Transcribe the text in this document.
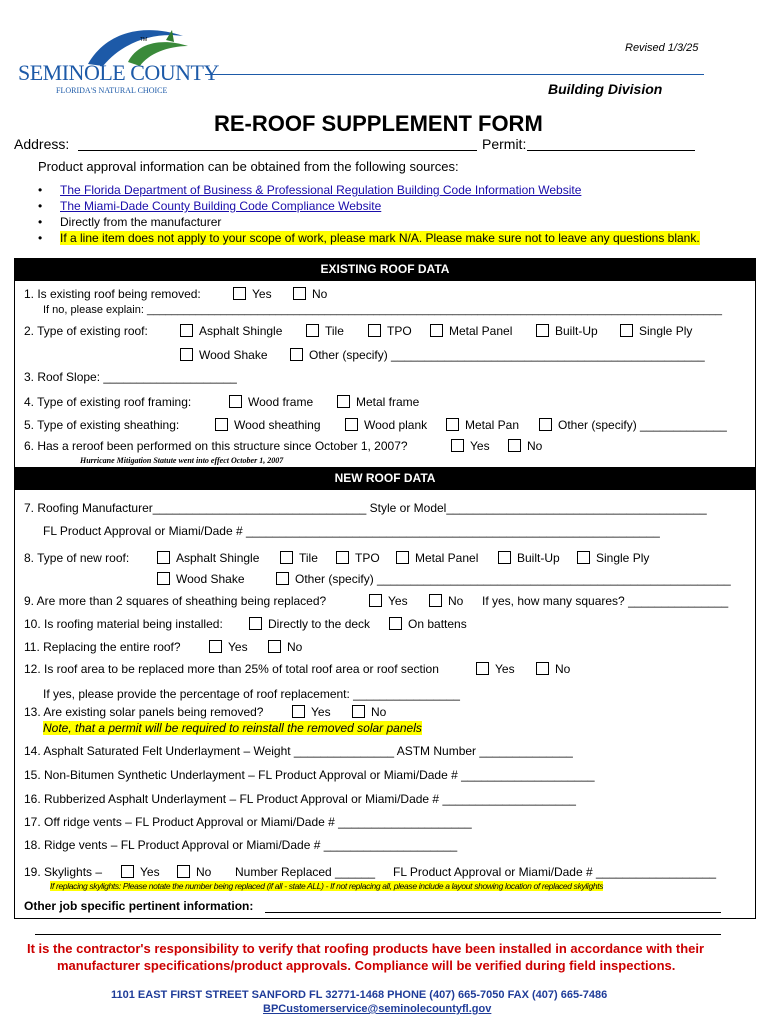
TM
SEMINOLE COUNTY
FLORIDA'S NATURAL CHOICE
Revised 1/3/25
Building Division
RE-ROOF SUPPLEMENT FORM
Address:	Permit:
Product approval information can be obtained from the following sources:
• The Florida Department of Business & Professional Regulation Building Code Information Website
• The Miami-Dade County Building Code Compliance Website
• Directly from the manufacturer
• If a line item does not apply to your scope of work, please mark N/A. Please make sure not to leave any questions blank.
EXISTING ROOF DATA
1. Is existing roof being removed:	Yes	No
If no, please explain: ______________________________________________________________________________________________
2. Type of existing roof:	Asphalt Shingle	Tile	TPO	Metal Panel	Built-Up	Single Ply
Wood Shake	Other (specify) _______________________________________________
3. Roof Slope: ____________________
4. Type of existing roof framing:	Wood frame	Metal frame
5. Type of existing sheathing:	Wood sheathing	Wood plank	Metal Pan	Other (specify) _____________
6. Has a reroof been performed on this structure since October 1, 2007?	Yes	No
Hurricane Mitigation Statute went into effect October 1, 2007
NEW ROOF DATA
7. Roofing Manufacturer________________________________ Style or Model_______________________________________
FL Product Approval or Miami/Dade # ______________________________________________________________
8. Type of new roof:	Asphalt Shingle	Tile	TPO	Metal Panel	Built-Up	Single Ply
Wood Shake	Other (specify) _____________________________________________________
9. Are more than 2 squares of sheathing being replaced?	Yes	No If yes, how many squares? _______________
10. Is roofing material being installed:	Directly to the deck	On battens
11. Replacing the entire roof?	Yes	No
12. Is roof area to be replaced more than 25% of total roof area or roof section	Yes	No
If yes, please provide the percentage of roof replacement: ________________
13. Are existing solar panels being removed?	Yes	No
Note, that a permit will be required to reinstall the removed solar panels
14. Asphalt Saturated Felt Underlayment – Weight _______________ ASTM Number ______________
15. Non-Bitumen Synthetic Underlayment – FL Product Approval or Miami/Dade # ____________________
16. Rubberized Asphalt Underlayment – FL Product Approval or Miami/Dade # ____________________
17. Off ridge vents – FL Product Approval or Miami/Dade # ____________________
18. Ridge vents – FL Product Approval or Miami/Dade # ____________________
19. Skylights –	Yes	No Number Replaced ______ FL Product Approval or Miami/Dade # __________________
If replacing skylights: Please notate the number being replaced (if all - state ALL) - If not replacing all, please include a layout showing location of replaced skylights
Other job specific pertinent information:
It is the contractor's responsibility to verify that roofing products have been installed in accordance with their
manufacturer specifications/product approvals. Compliance will be verified during field inspections.
1101 EAST FIRST STREET SANFORD FL 32771-1468 PHONE (407) 665-7050 FAX (407) 665-7486
BPCustomerservice@seminolecountyfl.gov
